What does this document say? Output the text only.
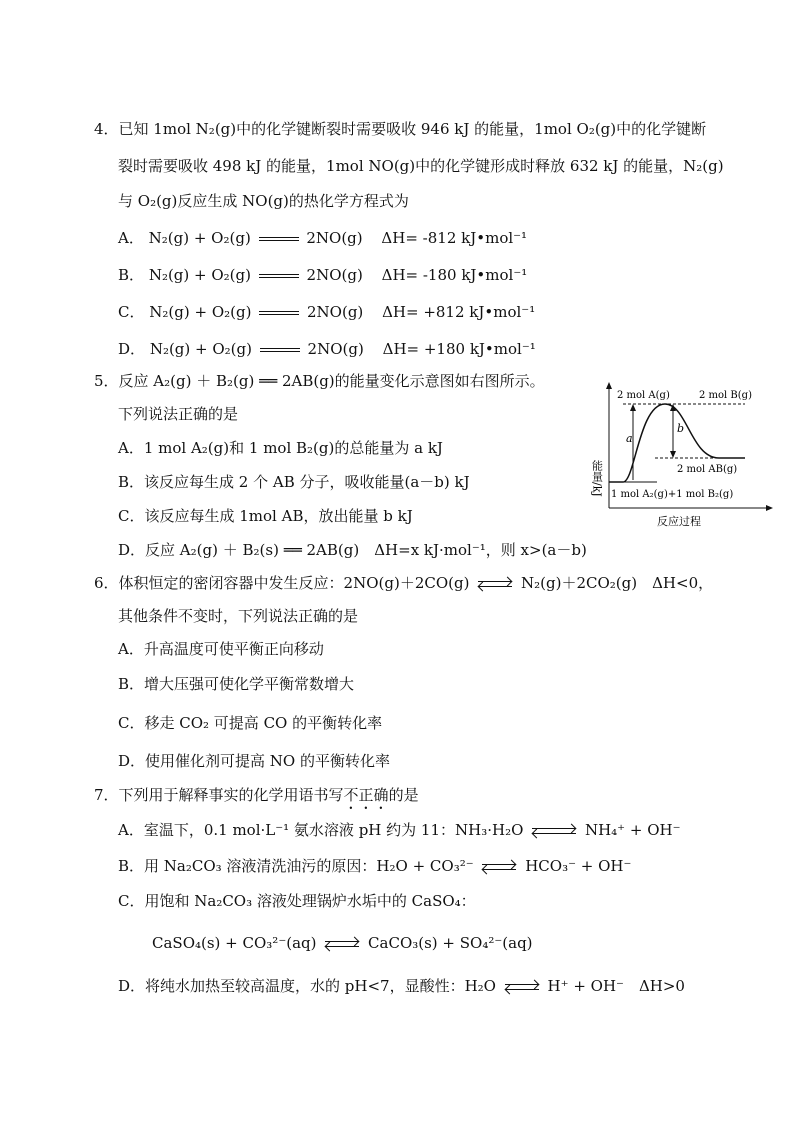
4．已知 1mol N₂(g)中的化学键断裂时需要吸收 946 kJ 的能量，1mol O₂(g)中的化学键断
裂时需要吸收 498 kJ 的能量，1mol NO(g)中的化学键形成时释放 632 kJ 的能量，N₂(g)
与 O₂(g)反应生成 NO(g)的热化学方程式为
A． N₂(g) + O₂(g)	2NO(g) ΔH= -812 kJ•mol⁻¹
B． N₂(g) + O₂(g)	2NO(g) ΔH= -180 kJ•mol⁻¹
C． N₂(g) + O₂(g)	2NO(g) ΔH= +812 kJ•mol⁻¹
D． N₂(g) + O₂(g)	2NO(g) ΔH= +180 kJ•mol⁻¹
5．反应 A₂(g) ＋ B₂(g) ══ 2AB(g)的能量变化示意图如右图所示。
下列说法正确的是
A．1 mol A₂(g)和 1 mol B₂(g)的总能量为 a kJ
B．该反应每生成 2 个 AB 分子，吸收能量(a－b) kJ
C．该反应每生成 1mol AB，放出能量 b kJ
D．反应 A₂(g) ＋ B₂(s) ══ 2AB(g)　ΔH=x kJ·mol⁻¹，则 x>(a－b)
能量/kJ
反应过程
2 mol A(g)	2 mol B(g)
2 mol AB(g)
1 mol A₂(g)+1 mol B₂(g)
a
b
6．体积恒定的密闭容器中发生反应：2NO(g)＋2CO(g) → N₂(g)＋2CO₂(g)　ΔH<0，
其他条件不变时，下列说法正确的是
A．升高温度可使平衡正向移动
B．增大压强可使化学平衡常数增大
C．移走 CO₂ 可提高 CO 的平衡转化率
D．使用催化剂可提高 NO 的平衡转化率
7．下列用于解释事实的化学用语书写不正确的是
A．室温下，0.1 mol·L⁻¹ 氨水溶液 pH 约为 11：NH₃·H₂O → NH₄⁺ + OH⁻
B．用 Na₂CO₃ 溶液清洗油污的原因：H₂O + CO₃²⁻ → HCO₃⁻ + OH⁻
C．用饱和 Na₂CO₃ 溶液处理锅炉水垢中的 CaSO₄：
CaSO₄(s) + CO₃²⁻(aq) → CaCO₃(s) + SO₄²⁻(aq)
D．将纯水加热至较高温度，水的 pH<7，显酸性：H₂O → H⁺ + OH⁻　ΔH>0
